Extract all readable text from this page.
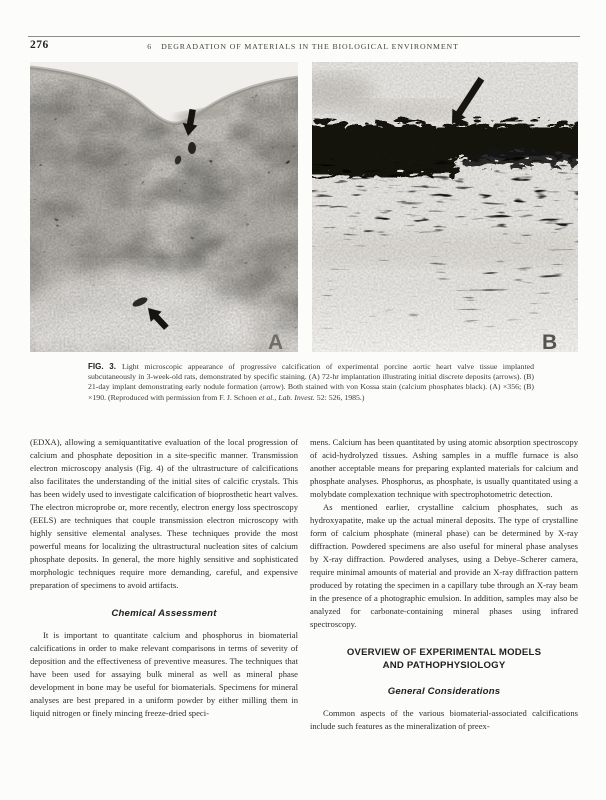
276	6 DEGRADATION OF MATERIALS IN THE BIOLOGICAL ENVIRONMENT
A	B
FIG. 3. Light microscopic appearance of progressive calcification of experimental porcine aortic heart valve tissue implanted subcutaneously in 3-week-old rats, demonstrated by specific staining. (A) 72-hr implantation illustrating initial discrete deposits (arrows). (B) 21-day implant demonstrating early nodule formation (arrow). Both stained with von Kossa stain (calcium phosphates black). (A) ×356; (B) ×190. (Reproduced with permission from F. J. Schoen et al., Lab. Invest. 52: 526, 1985.)

(EDXA), allowing a semiquantitative evaluation of the local progression of calcium and phosphate deposition in a site-specific manner. Transmission electron microscopy analysis (Fig. 4) of the ultrastructure of calcifications also facilitates the understanding of the initial sites of calcific crystals. This has been widely used to investigate calcification of bioprosthetic heart valves. The electron microprobe or, more recently, electron energy loss spectroscopy (EELS) are techniques that couple transmission electron microscopy with highly sensitive elemental analyses. These techniques provide the most powerful means for localizing the ultrastructural nucleation sites of calcium phosphate deposits. In general, the more highly sensitive and sophisticated morphologic techniques require more demanding, careful, and expensive preparation of specimens to avoid artifacts.

Chemical Assessment

It is important to quantitate calcium and phosphorus in biomaterial calcifications in order to make relevant comparisons in terms of severity of deposition and the effectiveness of preventive measures. The techniques that have been used for assaying bulk mineral as well as mineral phase development in bone may be useful for biomaterials. Specimens for mineral analyses are best prepared in a uniform powder by either milling them in liquid nitrogen or finely mincing freeze-dried speci-

mens. Calcium has been quantitated by using atomic absorption spectroscopy of acid-hydrolyzed tissues. Ashing samples in a muffle furnace is also another acceptable means for preparing explanted materials for calcium and phosphate analyses. Phosphorus, as phosphate, is usually quantitated using a molybdate complexation technique with spectrophotometric detection.

As mentioned earlier, crystalline calcium phosphates, such as hydroxyapatite, make up the actual mineral deposits. The type of crystalline form of calcium phosphate (mineral phase) can be determined by X-ray diffraction. Powdered specimens are also useful for mineral phase analyses by X-ray diffraction. Powdered analyses, using a Debye–Scherer camera, require minimal amounts of material and provide an X-ray diffraction pattern produced by rotating the specimen in a capillary tube through an X-ray beam in the presence of a photographic emulsion. In addition, samples may also be analyzed for carbonate-containing mineral phases using infrared spectroscopy.

OVERVIEW OF EXPERIMENTAL MODELS
AND PATHOPHYSIOLOGY
General Considerations

Common aspects of the various biomaterial-associated calcifications include such features as the mineralization of preex-
